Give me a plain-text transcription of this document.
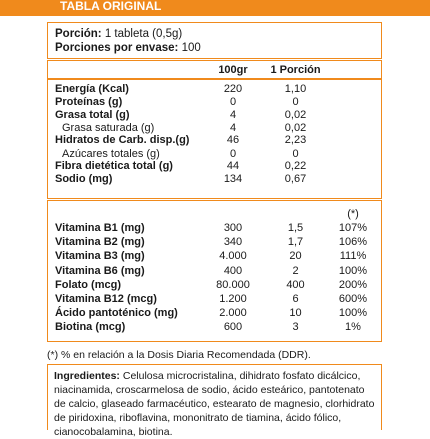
TABLA ORIGINAL
Porción: 1 tableta (0,5g)
Porciones por envase: 100
100gr	1 Porción
Energía (Kcal)	220	1,10
Proteínas (g)	0	0
Grasa total (g)	4	0,02
Grasa saturada (g)	4	0,02
Hidratos de Carb. disp.(g)	46	2,23
Azúcares totales (g)	0	0
Fibra dietética total (g)	44	0,22
Sodio (mg)	134	0,67
(*)
Vitamina B1 (mg)	300	1,5	107%
Vitamina B2 (mg)	340	1,7	106%
Vitamina B3 (mg)	4.000	20	111%
Vitamina B6 (mg)	400	2	100%
Folato (mcg)	80.000	400	200%
Vitamina B12 (mcg)	1.200	6	600%
Ácido pantoténico (mg)	2.000	10	100%
Biotina (mcg)	600	3	1%
(*) % en relación a la Dosis Diaria Recomendada (DDR).
Ingredientes: Celulosa microcristalina, dihidrato fosfato dicálcico, niacinamida, croscarmelosa de sodio, ácido esteárico, pantotenato de calcio, glaseado farmacéutico, estearato de magnesio, clorhidrato de piridoxina, riboflavina, mononitrato de tiamina, ácido fólico, cianocobalamina, biotina.
